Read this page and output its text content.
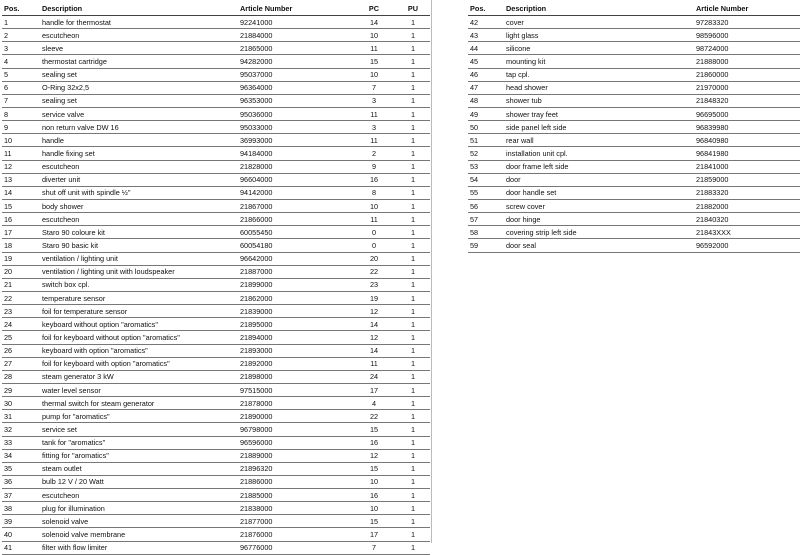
Pos.	Description	Article Number	PC	PU
1	handle for thermostat	92241000	14	1
2	escutcheon	21884000	10	1
3	sleeve	21865000	11	1
4	thermostat cartridge	94282000	15	1
5	sealing set	95037000	10	1
6	O-Ring 32x2,5	96364000	7	1
7	sealing set	96353000	3	1
8	service valve	95036000	11	1
9	non return valve DW 16	95033000	3	1
10	handle	36993000	11	1
11	handle fixing set	94184000	2	1
12	escutcheon	21828000	9	1
13	diverter unit	96604000	16	1
14	shut off unit with spindle ½"	94142000	8	1
15	body shower	21867000	10	1
16	escutcheon	21866000	11	1
17	Staro 90 coloure kit	60055450	0	1
18	Staro 90 basic kit	60054180	0	1
19	ventilation / lighting unit	96642000	20	1
20	ventilation / lighting unit with loudspeaker	21887000	22	1
21	switch box cpl.	21899000	23	1
22	temperature sensor	21862000	19	1
23	foil for temperature sensor	21839000	12	1
24	keyboard without option "aromatics"	21895000	14	1
25	foil for keyboard without option "aromatics"	21894000	12	1
26	keyboard with option "aromatics"	21893000	14	1
27	foil for keyboard with option "aromatics"	21892000	11	1
28	steam generator 3 kW	21898000	24	1
29	water level sensor	97515000	17	1
30	thermal switch for steam generator	21878000	4	1
31	pump for "aromatics"	21890000	22	1
32	service set	96798000	15	1
33	tank for "aromatics"	96596000	16	1
34	fitting for "aromatics"	21889000	12	1
35	steam outlet	21896320	15	1
36	bulb 12 V / 20 Watt	21886000	10	1
37	escutcheon	21885000	16	1
38	plug for illumination	21838000	10	1
39	solenoid valve	21877000	15	1
40	solenoid valve membrane	21876000	17	1
41	filter with flow limiter	96776000	7	1
Pos.	Description	Article Number
42	cover	97283320
43	light glass	98596000
44	silicone	98724000
45	mounting kit	21888000
46	tap cpl.	21860000
47	head shower	21970000
48	shower tub	21848320
49	shower tray feet	96695000
50	side panel left side	96839980
51	rear wall	96840980
52	installation unit cpl.	96841980
53	door frame left side	21841000
54	door	21859000
55	door handle set	21883320
56	screw cover	21882000
57	door hinge	21840320
58	covering strip left side	21843XXX
59	door seal	96592000
